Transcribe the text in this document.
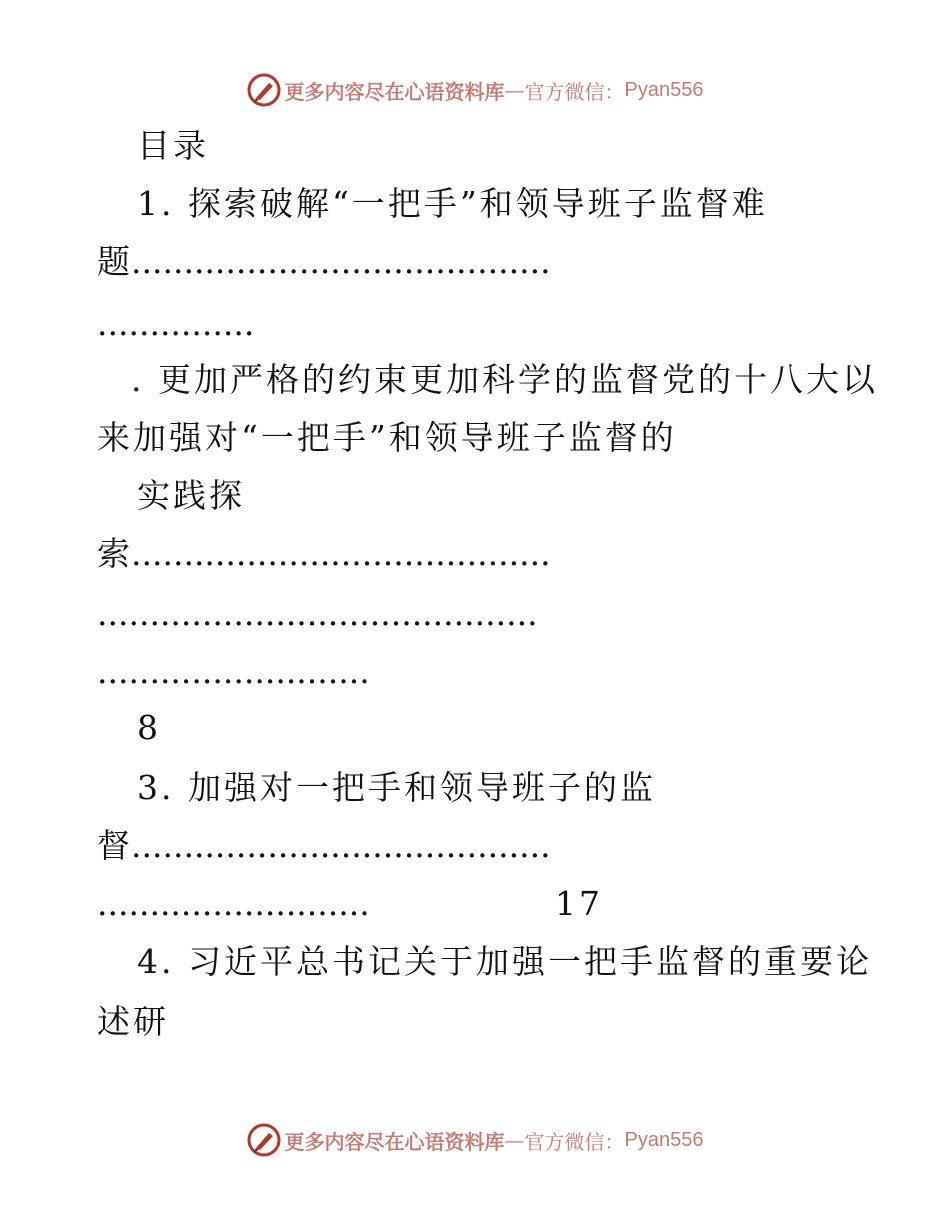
更多内容尽在心语资料库 — 官方微信： Pyan556
目录
1. 探索破解“一把手”和领导班子监督难
题
........................................
...............
. 更加严格的约束更加科学的监督党的十八大以
来加强对“一把手”和领导班子监督的
实践探
索
........................................
..........................................
..........................
8
3. 加强对一把手和领导班子的监
督
........................................
..........................	17
4. 习近平总书记关于加强一把手监督的重要论
述研
更多内容尽在心语资料库 — 官方微信： Pyan556
